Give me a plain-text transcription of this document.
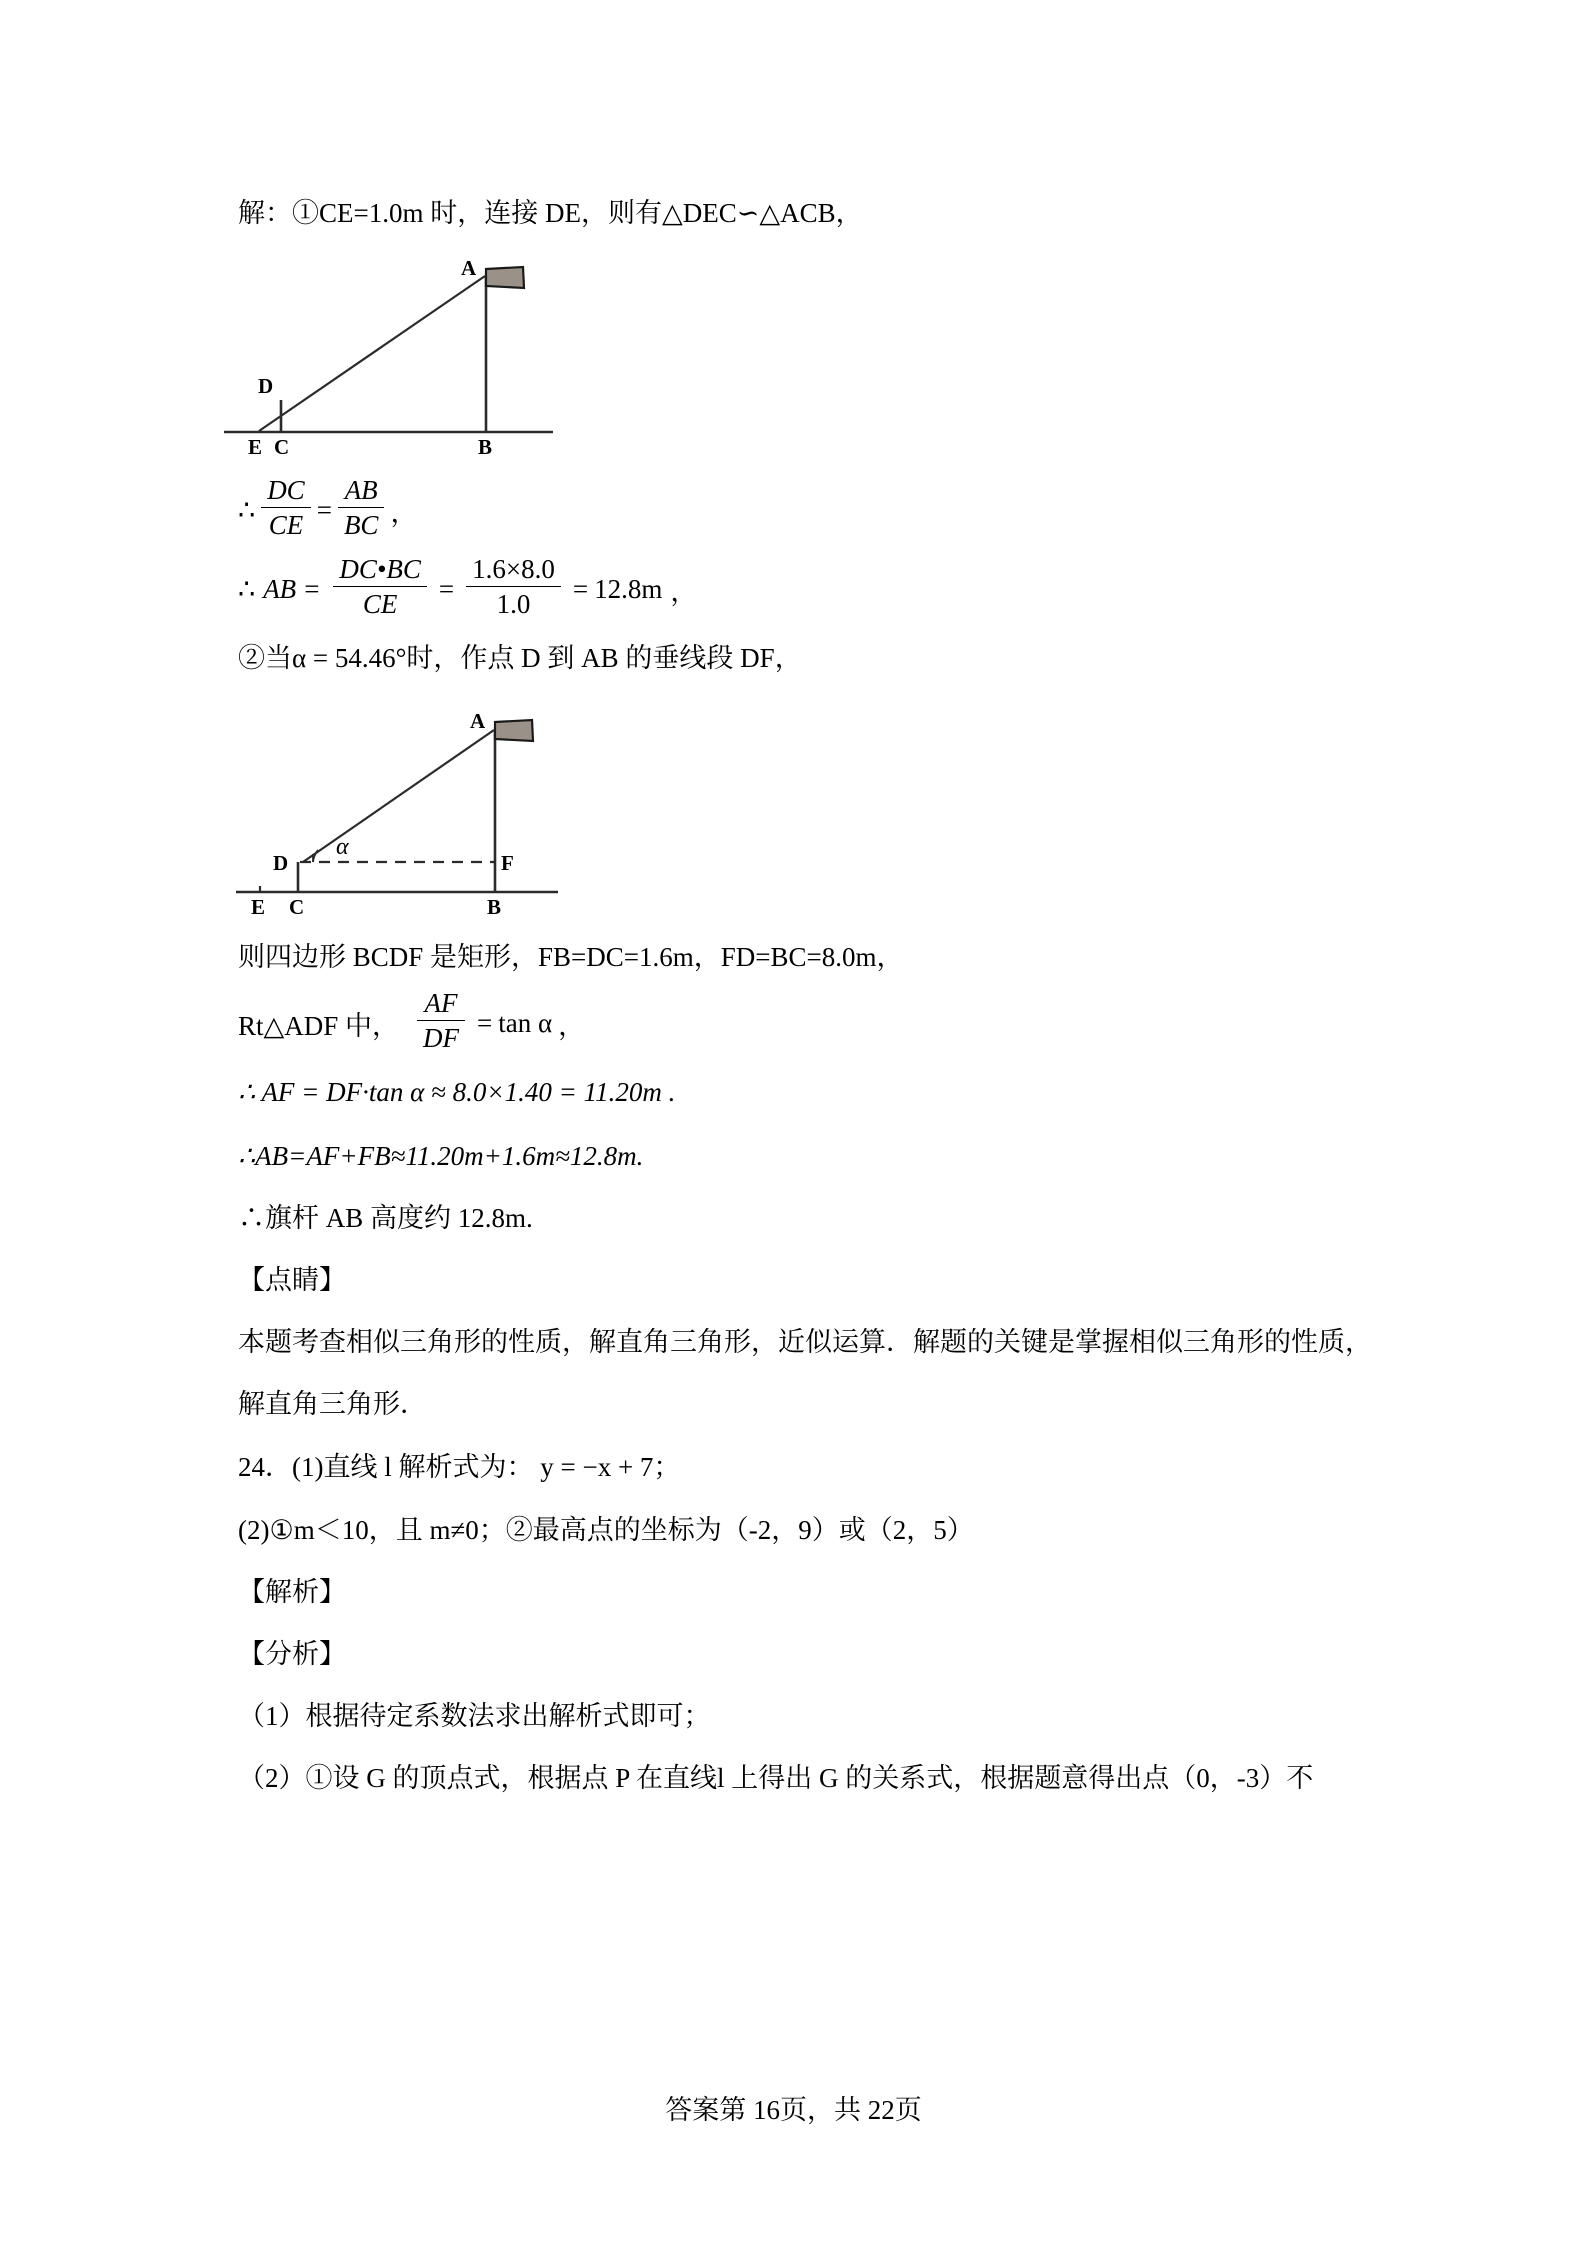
解：①CE=1.0m 时，连接 DE，则有△DEC∽△ACB，
D
A
E C	B
∴ $\frac{DC}{CE} = \frac{AB}{BC}$ ，
∴ AB = $\frac{DC•BC}{CE} = \frac{1.6\times 8.0}{1.0} = 12.8m$ ，
②当α = 54.46°时，作点 D 到 AB 的垂线段 DF，
A
D
α
F
E C	B
则四边形 BCDF 是矩形，FB=DC=1.6m，FD=BC=8.0m，
Rt△ADF 中， $\frac{AF}{DF} = \tan \alpha$ ，
∴ AF = DF·tan α ≈ 8.0×1.40 = 11.20m .
∴AB=AF+FB≈11.20m+1.6m≈12.8m.
∴旗杆 AB 高度约 12.8m.
【点睛】
本题考查相似三角形的性质，解直角三角形，近似运算．解题的关键是掌握相似三角形的性质，解直角三角形．
24．(1)直线 l 解析式为： y = −x + 7；
(2)①m＜10，且 m≠0；②最高点的坐标为（-2，9）或（2，5）
【解析】
【分析】
（1）根据待定系数法求出解析式即可；
（2）①设 G 的顶点式，根据点 P 在直线l 上得出 G 的关系式，根据题意得出点（0，-3）不
答案第 16页，共 22页
